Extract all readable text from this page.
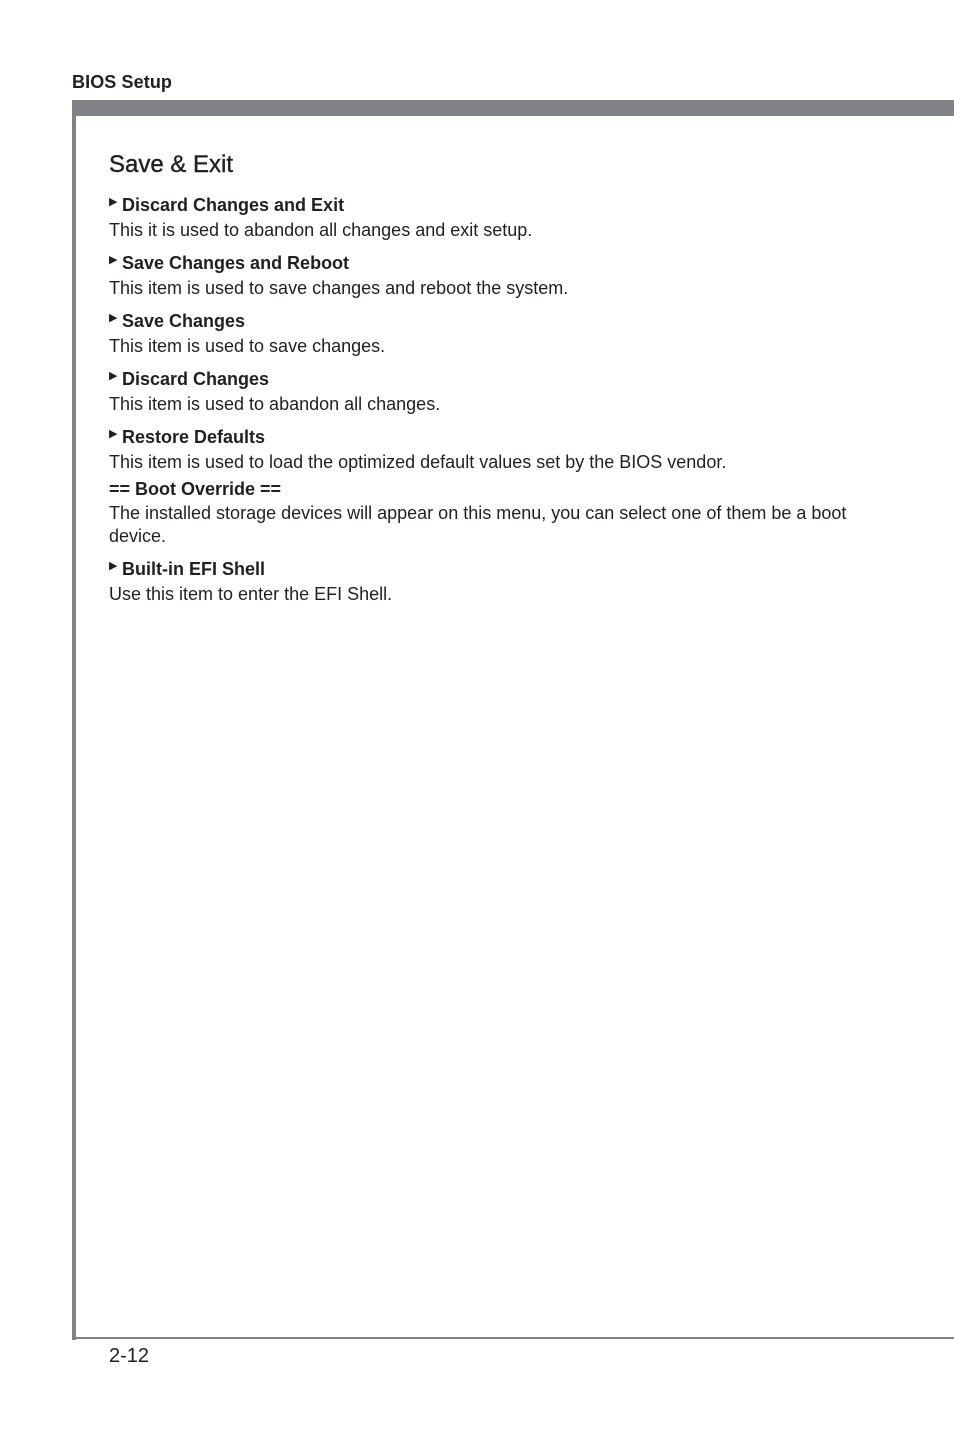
BIOS Setup
Save & Exit
▶ Discard Changes and Exit
This it is used to abandon all changes and exit setup.
▶ Save Changes and Reboot
This item is used to save changes and reboot the system.
▶ Save Changes
This item is used to save changes.
▶ Discard Changes
This item is used to abandon all changes.
▶ Restore Defaults
This item is used to load the optimized default values set by the BIOS vendor.
== Boot Override ==
The installed storage devices will appear on this menu, you can select one of them be a boot device.
▶ Built-in EFI Shell
Use this item to enter the EFI Shell.
2-12
